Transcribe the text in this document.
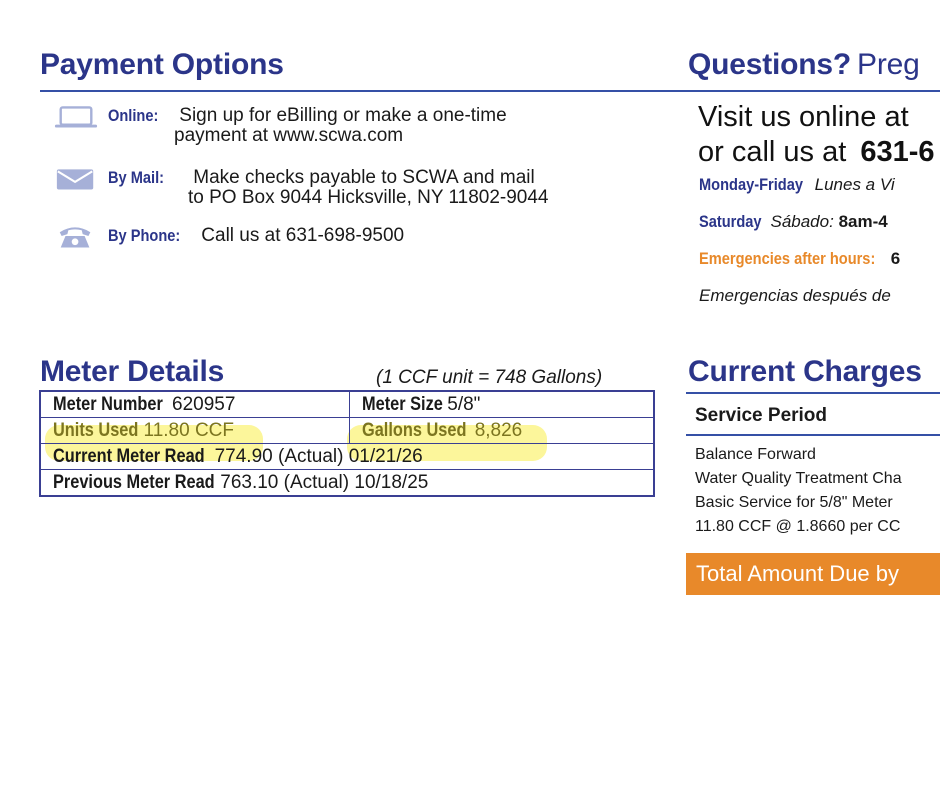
Payment Options
Online: Sign up for eBilling or make a one-time
payment at www.scwa.com
By Mail: Make checks payable to SCWA and mail
to PO Box 9044 Hicksville, NY 11802-9044
By Phone: Call us at 631-698-9500
Questions? Preg
Visit us online at
or call us at 631-6
Monday-Friday Lunes a Vi
Saturday Sábado: 8am-4
Emergencies after hours: 6
Emergencias después de
Meter Details	(1 CCF unit = 748 Gallons)
Meter Number 620957	Meter Size 5/8"
Units Used 11.80 CCF	Gallons Used 8,826
Current Meter Read 774.90 (Actual) 01/21/26	
Previous Meter Read 763.10 (Actual) 10/18/25	
Current Charges
Service Period
Balance Forward
Water Quality Treatment Cha
Basic Service for 5/8" Meter
11.80 CCF @ 1.8660 per CC
Total Amount Due by
